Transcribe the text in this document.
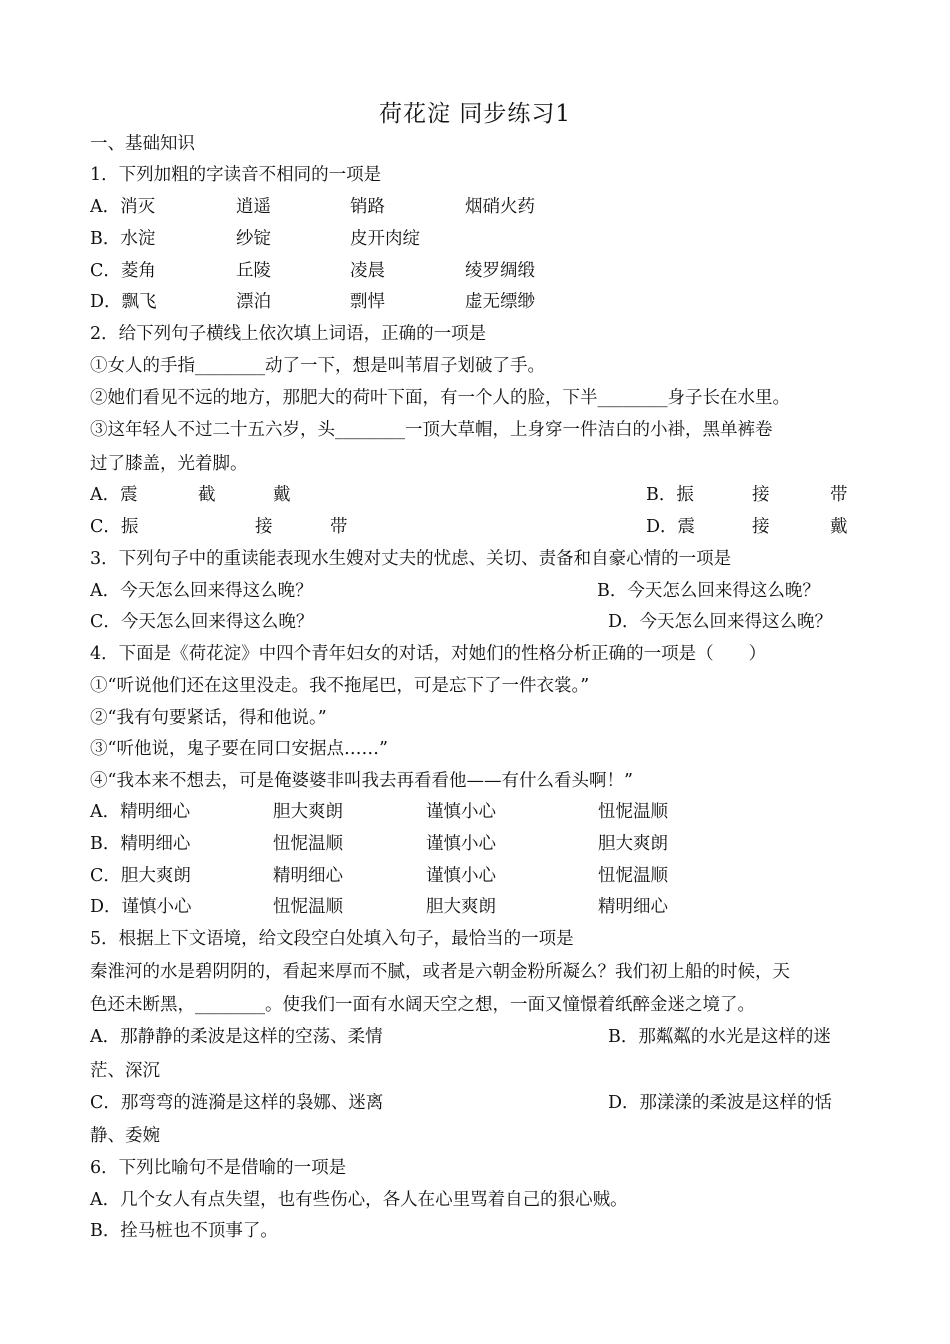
荷花淀 同步练习1
一、基础知识
1．下列加粗的字读音不相同的一项是
A．消灭	逍遥	销路	烟硝火药
B．水淀	纱锭	皮开肉绽
C．菱角	丘陵	凌晨	绫罗绸缎
D．飘飞	漂泊	剽悍	虚无缥缈
2．给下列句子横线上依次填上词语，正确的一项是
①女人的手指________动了一下，想是叫苇眉子划破了手。
②她们看见不远的地方，那肥大的荷叶下面，有一个人的脸，下半________身子长在水里。
③这年轻人不过二十五六岁，头________一顶大草帽，上身穿一件洁白的小褂，黑单裤卷
过了膝盖，光着脚。
A．震	截	戴	B．振	接	带
C．振	接	带	D．震	接	戴
3．下列句子中的重读能表现水生嫂对丈夫的忧虑、关切、责备和自豪心情的一项是
A．今天怎么回来得这么晚？	B．今天怎么回来得这么晚？
C．今天怎么回来得这么晚？	D．今天怎么回来得这么晚？
4．下面是《荷花淀》中四个青年妇女的对话，对她们的性格分析正确的一项是（　　）
①“听说他们还在这里没走。我不拖尾巴，可是忘下了一件衣裳。”
②“我有句要紧话，得和他说。”
③“听他说，鬼子要在同口安据点……”
④“我本来不想去，可是俺婆婆非叫我去再看看他——有什么看头啊！”
A．精明细心	胆大爽朗	谨慎小心	忸怩温顺
B．精明细心	忸怩温顺	谨慎小心	胆大爽朗
C．胆大爽朗	精明细心	谨慎小心	忸怩温顺
D．谨慎小心	忸怩温顺	胆大爽朗	精明细心
5．根据上下文语境，给文段空白处填入句子，最恰当的一项是
秦淮河的水是碧阴阴的，看起来厚而不腻，或者是六朝金粉所凝么？我们初上船的时候，天
色还未断黑，________。使我们一面有水阔天空之想，一面又憧憬着纸醉金迷之境了。
A．那静静的柔波是这样的空荡、柔情	B．那粼粼的水光是这样的迷
茫、深沉
C．那弯弯的涟漪是这样的袅娜、迷离	D．那漾漾的柔波是这样的恬
静、委婉
6．下列比喻句不是借喻的一项是
A．几个女人有点失望，也有些伤心，各人在心里骂着自己的狠心贼。
B．拴马桩也不顶事了。
